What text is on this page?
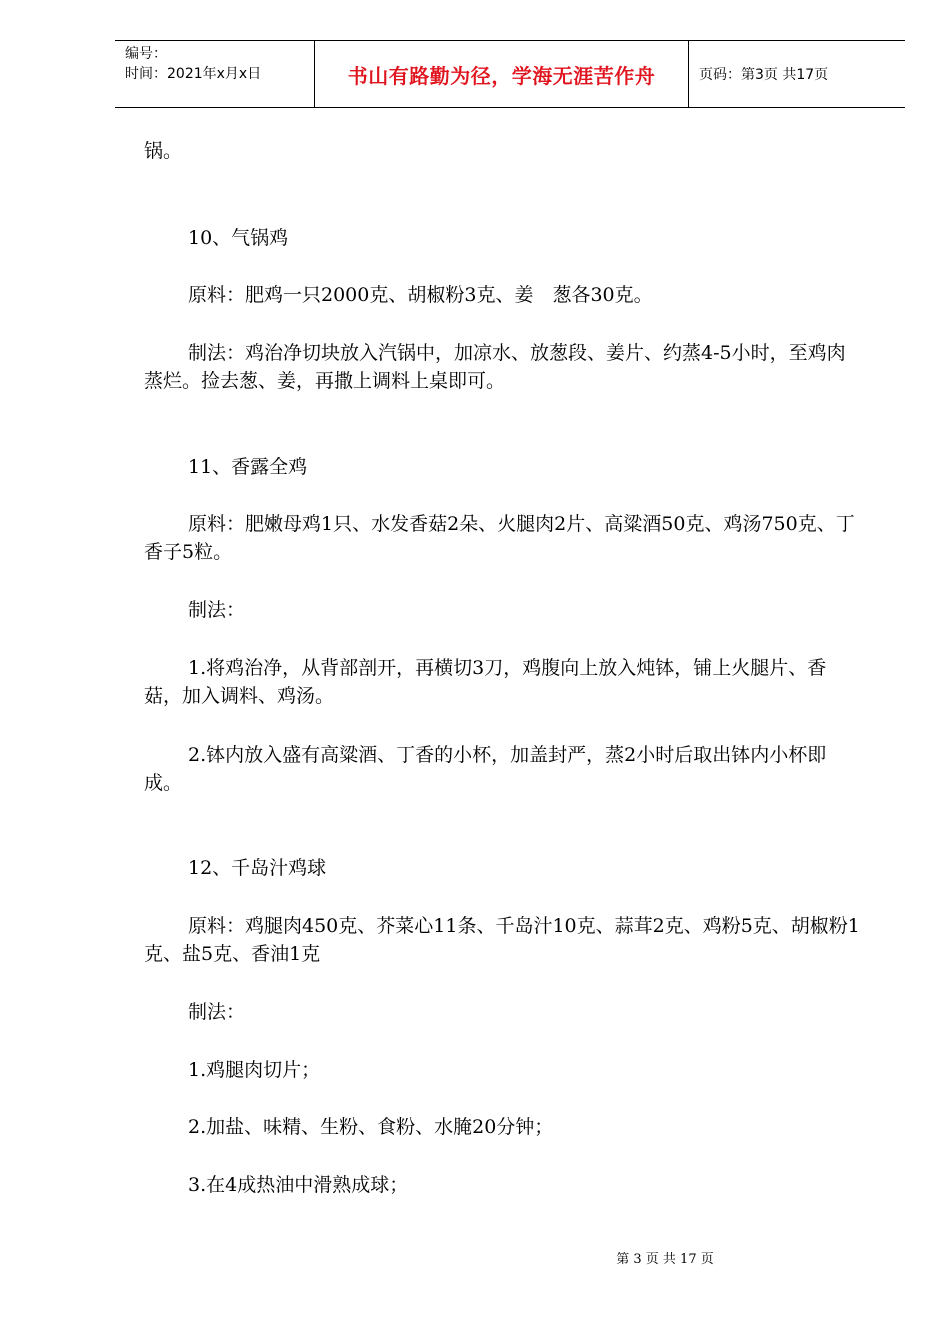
编号：
时间：2021年x月x日	书山有路勤为径，学海无涯苦作舟	页码：第3页 共17页

锅。

10、气锅鸡

原料：肥鸡一只2000克、胡椒粉3克、姜　葱各30克。

制法：鸡治净切块放入汽锅中，加凉水、放葱段、姜片、约蒸4-5小时，至鸡肉蒸烂。捡去葱、姜，再撒上调料上桌即可。

11、香露全鸡

原料：肥嫩母鸡1只、水发香菇2朵、火腿肉2片、高粱酒50克、鸡汤750克、丁香子5粒。

制法：

1.将鸡治净，从背部剖开，再横切3刀，鸡腹向上放入炖钵，铺上火腿片、香菇，加入调料、鸡汤。

2.钵内放入盛有高粱酒、丁香的小杯，加盖封严，蒸2小时后取出钵内小杯即成。

12、千岛汁鸡球

原料：鸡腿肉450克、芥菜心11条、千岛汁10克、蒜茸2克、鸡粉5克、胡椒粉1克、盐5克、香油1克

制法：

1.鸡腿肉切片；

2.加盐、味精、生粉、食粉、水腌20分钟；

3.在4成热油中滑熟成球；

第 3 页 共 17 页
